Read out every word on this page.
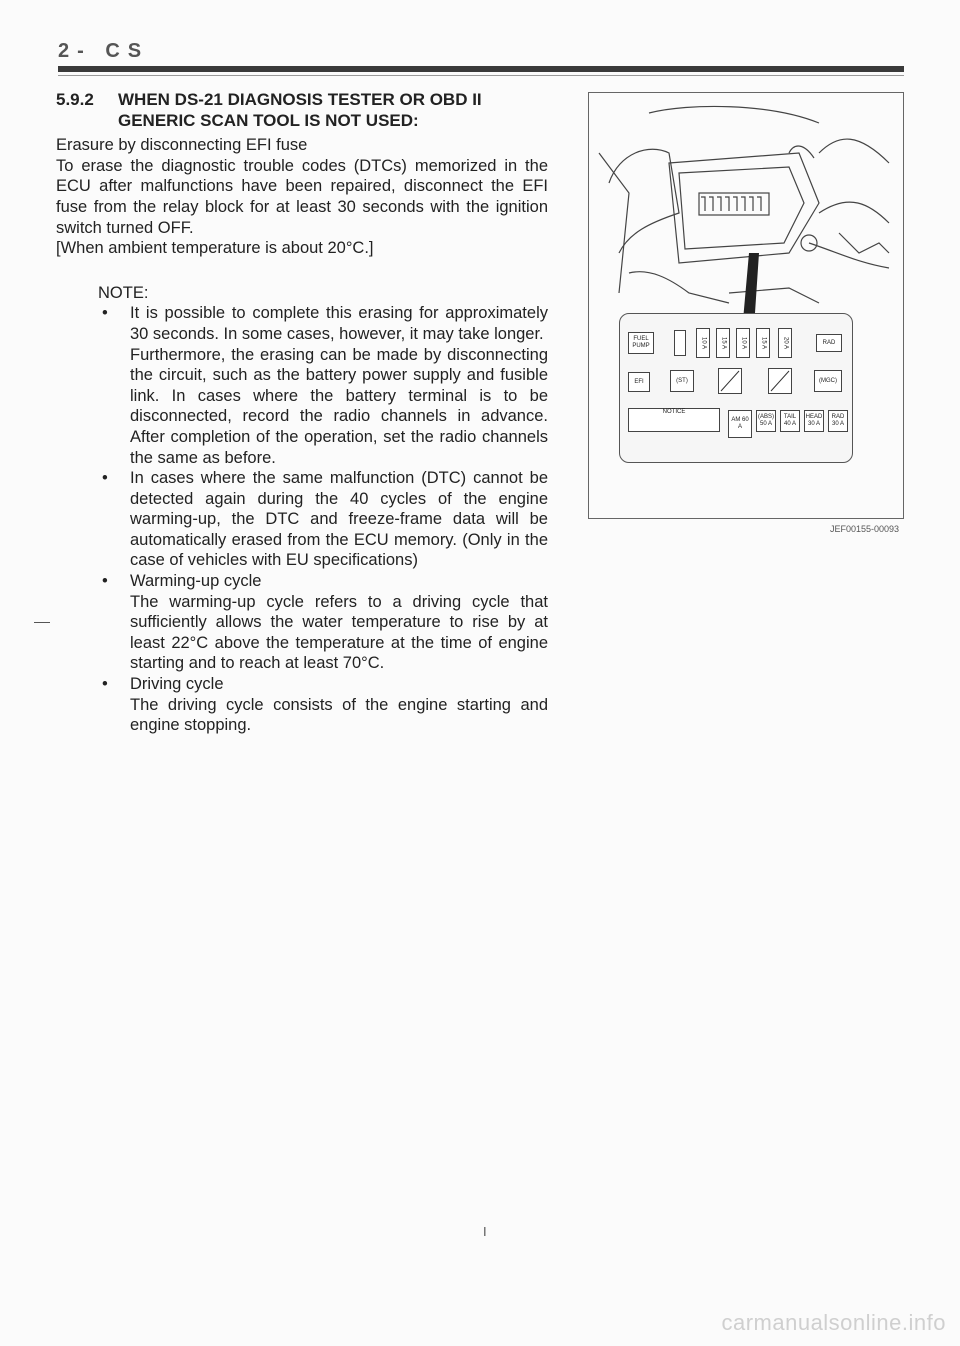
2- CS
5.9.2 WHEN DS-21 DIAGNOSIS TESTER OR OBD II
GENERIC SCAN TOOL IS NOT USED:
Erasure by disconnecting EFI fuse
To erase the diagnostic trouble codes (DTCs) memorized in the ECU after malfunctions have been repaired, disconnect the EFI fuse from the relay block for at least 30 seconds with the ignition switch turned OFF.
[When ambient temperature is about 20°C.]
NOTE:
• It is possible to complete this erasing for approximately 30 seconds. In some cases, however, it may take longer.
Furthermore, the erasing can be made by disconnecting the circuit, such as the battery power supply and fusible link. In cases where the battery terminal is to be disconnected, record the radio channels in advance. After completion of the operation, set the radio channels the same as before.
• In cases where the same malfunction (DTC) cannot be detected again during the 40 cycles of the engine warming-up, the DTC and freeze-frame data will be automatically erased from the ECU memory. (Only in the case of vehicles with EU specifications)
• Warming-up cycle
The warming-up cycle refers to a driving cycle that sufficiently allows the water temperature to rise by at least 22°C above the temperature at the time of engine starting and to reach at least 70°C.
• Driving cycle
The driving cycle consists of the engine starting and engine stopping.
FUEL PUMP	10 A	15 A	10 A	15 A	20 A	RAD
EFI	(ST)	(MGC)
NOTICE
AM 60 A
(ABS) 50 A
TAIL 40 A
HEAD 30 A
RAD 30 A
JEF00155-00093
I
carmanualsonline.info
